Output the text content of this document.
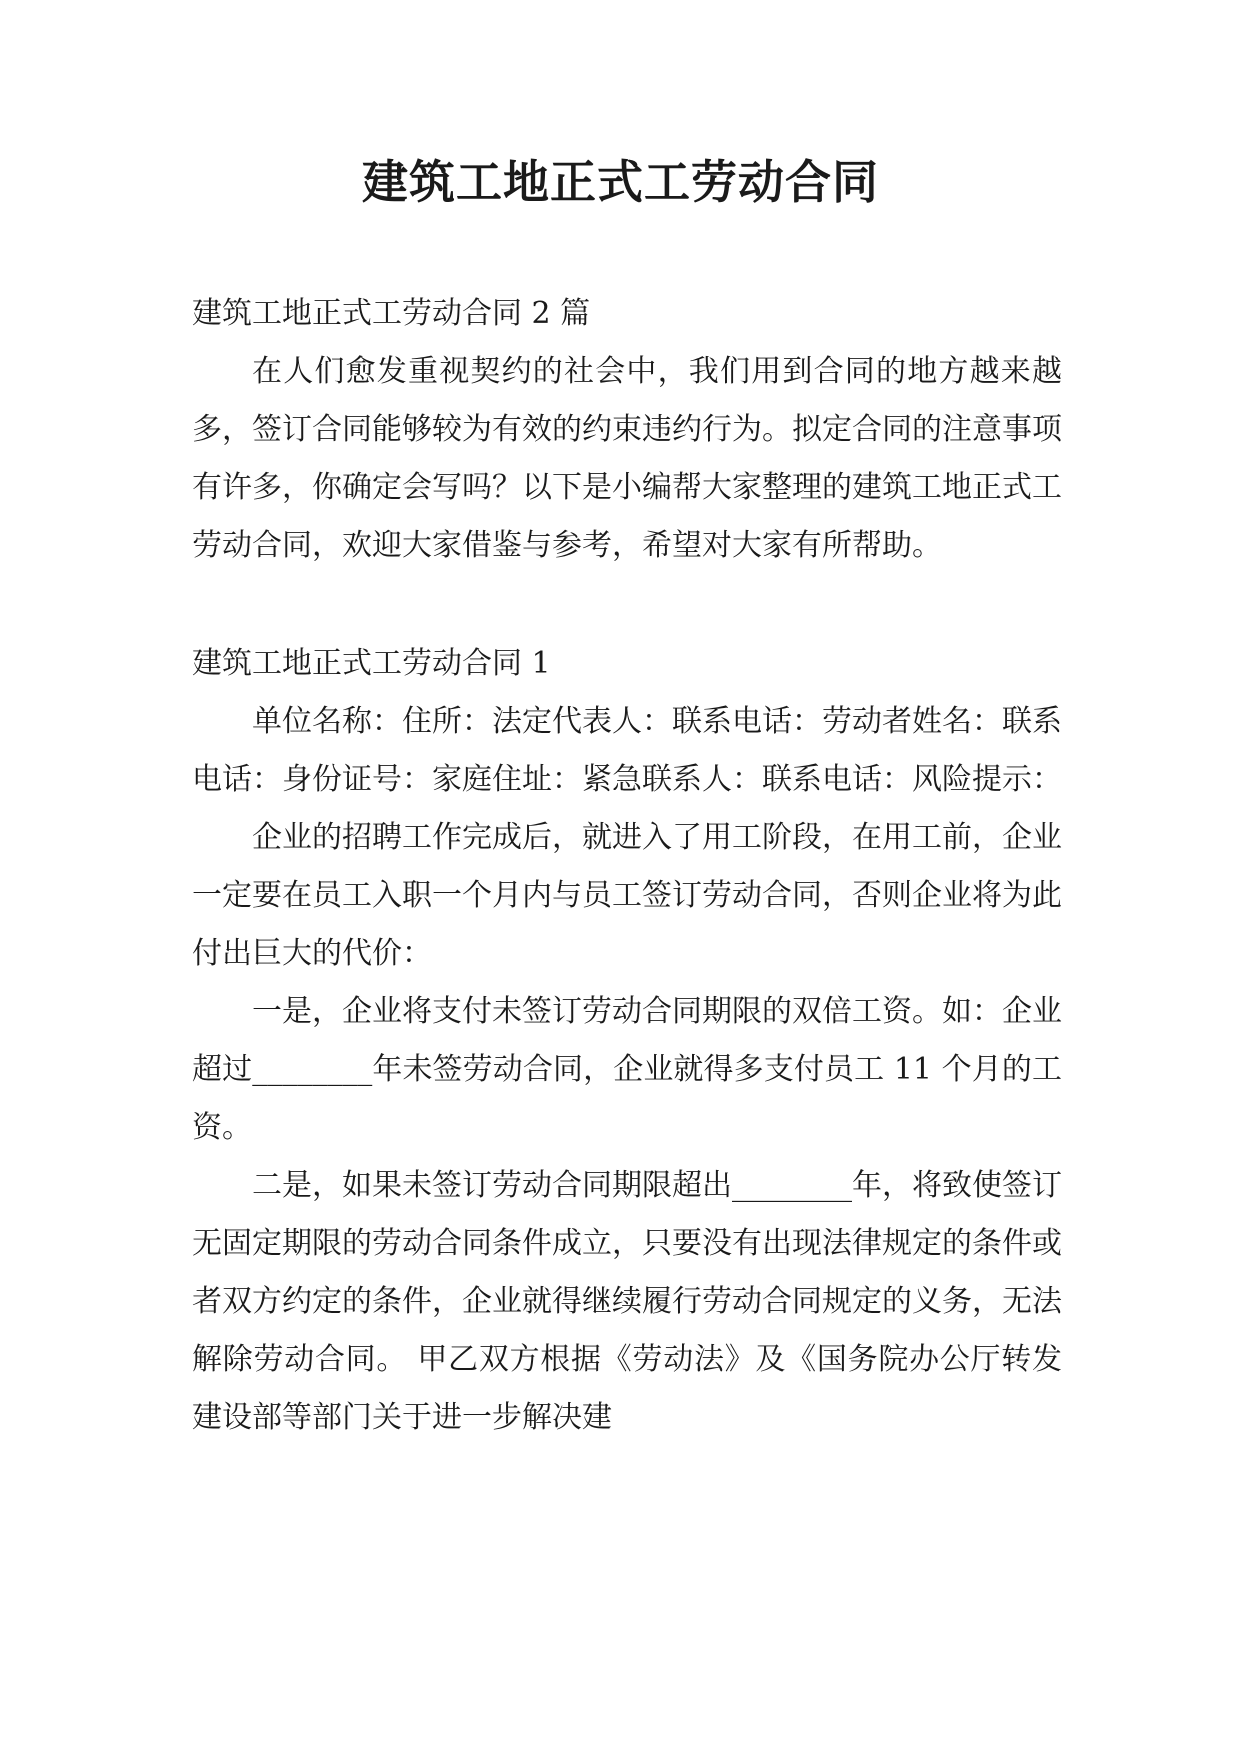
建筑工地正式工劳动合同

建筑工地正式工劳动合同 2 篇

在人们愈发重视契约的社会中，我们用到合同的地方越来越多，签订合同能够较为有效的约束违约行为。拟定合同的注意事项有许多，你确定会写吗？以下是小编帮大家整理的建筑工地正式工劳动合同，欢迎大家借鉴与参考，希望对大家有所帮助。

建筑工地正式工劳动合同 1

单位名称：住所：法定代表人：联系电话：劳动者姓名：联系电话：身份证号：家庭住址：紧急联系人：联系电话：风险提示：

企业的招聘工作完成后，就进入了用工阶段，在用工前，企业一定要在员工入职一个月内与员工签订劳动合同，否则企业将为此付出巨大的代价：

一是，企业将支付未签订劳动合同期限的双倍工资。如：企业超过________年未签劳动合同，企业就得多支付员工 11 个月的工资。

二是，如果未签订劳动合同期限超出________年，将致使签订无固定期限的劳动合同条件成立，只要没有出现法律规定的条件或者双方约定的条件，企业就得继续履行劳动合同规定的义务，无法解除劳动合同。 甲乙双方根据《劳动法》及《国务院办公厅转发建设部等部门关于进一步解决建
